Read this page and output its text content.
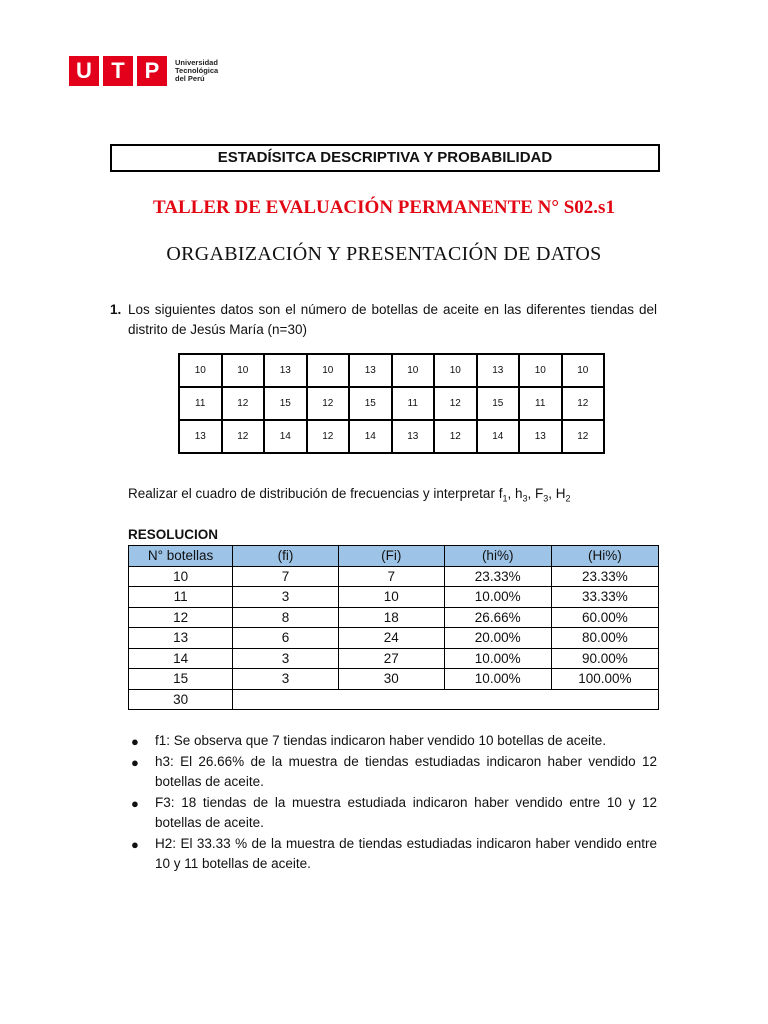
U T P	Universidad
Tecnológica
del Perú
ESTADÍSITCA DESCRIPTIVA Y PROBABILIDAD
TALLER DE EVALUACIÓN PERMANENTE N° S02.s1
ORGABIZACIÓN Y PRESENTACIÓN DE DATOS
1. Los siguientes datos son el número de botellas de aceite en las diferentes tiendas del distrito de Jesús María (n=30)
10	10	13	10	13	10	10	13	10	10
11	12	15	12	15	11	12	15	11	12
13	12	14	12	14	13	12	14	13	12
Realizar el cuadro de distribución de frecuencias y interpretar $f_1$, $h_3$, $F_3$, $H_2$
RESOLUCION
N° botellas	(fi)	(Fi)	(hi%)	(Hi%)
10	7	7	23.33%	23.33%
11	3	10	10.00%	33.33%
12	8	18	26.66%	60.00%
13	6	24	20.00%	80.00%
14	3	27	10.00%	90.00%
15	3	30	10.00%	100.00%
30				
● f1: Se observa que 7 tiendas indicaron haber vendido 10 botellas de aceite.
● h3: El 26.66% de la muestra de tiendas estudiadas indicaron haber vendido 12 botellas de aceite.
● F3: 18 tiendas de la muestra estudiada indicaron haber vendido entre 10 y 12 botellas de aceite.
● H2: El 33.33 % de la muestra de tiendas estudiadas indicaron haber vendido entre 10 y 11 botellas de aceite.
